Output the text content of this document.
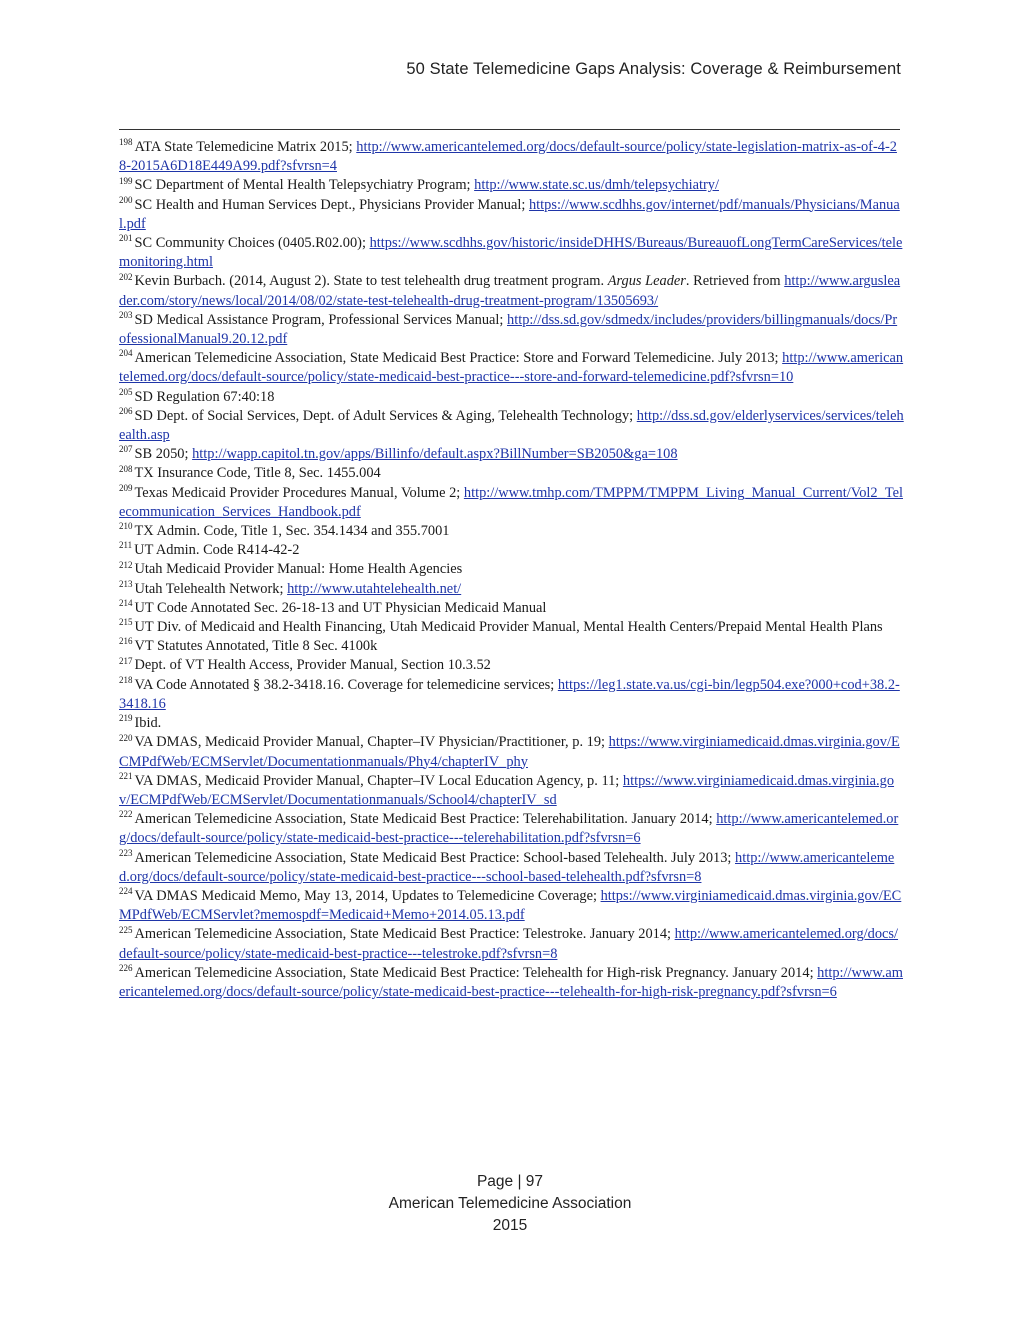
50 State Telemedicine Gaps Analysis: Coverage & Reimbursement

$^{198}$ ATA State Telemedicine Matrix 2015; http://www.americantelemed.org/docs/default-source/policy/state-legislation-matrix-as-of-4-28-2015A6D18E449A99.pdf?sfvrsn=4

$^{199}$ SC Department of Mental Health Telepsychiatry Program; http://www.state.sc.us/dmh/telepsychiatry/

$^{200}$ SC Health and Human Services Dept., Physicians Provider Manual; https://www.scdhhs.gov/internet/pdf/manuals/Physicians/Manual.pdf

$^{201}$ SC Community Choices (0405.R02.00); https://www.scdhhs.gov/historic/insideDHHS/Bureaus/BureauofLongTermCareServices/telemonitoring.html

$^{202}$ Kevin Burbach. (2014, August 2). State to test telehealth drug treatment program. Argus Leader. Retrieved from http://www.argusleader.com/story/news/local/2014/08/02/state-test-telehealth-drug-treatment-program/13505693/

$^{203}$ SD Medical Assistance Program, Professional Services Manual; http://dss.sd.gov/sdmedx/includes/providers/billingmanuals/docs/ProfessionalManual9.20.12.pdf

$^{204}$ American Telemedicine Association, State Medicaid Best Practice: Store and Forward Telemedicine. July 2013; http://www.americantelemed.org/docs/default-source/policy/state-medicaid-best-practice---store-and-forward-telemedicine.pdf?sfvrsn=10

$^{205}$ SD Regulation 67:40:18

$^{206}$ SD Dept. of Social Services, Dept. of Adult Services & Aging, Telehealth Technology; http://dss.sd.gov/elderlyservices/services/telehealth.asp

$^{207}$ SB 2050; http://wapp.capitol.tn.gov/apps/Billinfo/default.aspx?BillNumber=SB2050&ga=108

$^{208}$ TX Insurance Code, Title 8, Sec. 1455.004

$^{209}$ Texas Medicaid Provider Procedures Manual, Volume 2; http://www.tmhp.com/TMPPM/TMPPM_Living_Manual_Current/Vol2_Telecommunication_Services_Handbook.pdf

$^{210}$ TX Admin. Code, Title 1, Sec. 354.1434 and 355.7001

$^{211}$ UT Admin. Code R414-42-2

$^{212}$ Utah Medicaid Provider Manual: Home Health Agencies

$^{213}$ Utah Telehealth Network; http://www.utahtelehealth.net/

$^{214}$ UT Code Annotated Sec. 26-18-13 and UT Physician Medicaid Manual

$^{215}$ UT Div. of Medicaid and Health Financing, Utah Medicaid Provider Manual, Mental Health Centers/Prepaid Mental Health Plans

$^{216}$ VT Statutes Annotated, Title 8 Sec. 4100k

$^{217}$ Dept. of VT Health Access, Provider Manual, Section 10.3.52

$^{218}$ VA Code Annotated § 38.2-3418.16. Coverage for telemedicine services; https://leg1.state.va.us/cgi-bin/legp504.exe?000+cod+38.2-3418.16

$^{219}$ Ibid.

$^{220}$ VA DMAS, Medicaid Provider Manual, Chapter–IV Physician/Practitioner, p. 19; https://www.virginiamedicaid.dmas.virginia.gov/ECMPdfWeb/ECMServlet/Documentationmanuals/Phy4/chapterIV_phy

$^{221}$ VA DMAS, Medicaid Provider Manual, Chapter–IV Local Education Agency, p. 11; https://www.virginiamedicaid.dmas.virginia.gov/ECMPdfWeb/ECMServlet/Documentationmanuals/School4/chapterIV_sd

$^{222}$ American Telemedicine Association, State Medicaid Best Practice: Telerehabilitation. January 2014; http://www.americantelemed.org/docs/default-source/policy/state-medicaid-best-practice---telerehabilitation.pdf?sfvrsn=6

$^{223}$ American Telemedicine Association, State Medicaid Best Practice: School-based Telehealth. July 2013; http://www.americantelemed.org/docs/default-source/policy/state-medicaid-best-practice---school-based-telehealth.pdf?sfvrsn=8

$^{224}$ VA DMAS Medicaid Memo, May 13, 2014, Updates to Telemedicine Coverage; https://www.virginiamedicaid.dmas.virginia.gov/ECMPdfWeb/ECMServlet?memospdf=Medicaid+Memo+2014.05.13.pdf

$^{225}$ American Telemedicine Association, State Medicaid Best Practice: Telestroke. January 2014; http://www.americantelemed.org/docs/default-source/policy/state-medicaid-best-practice---telestroke.pdf?sfvrsn=8

$^{226}$ American Telemedicine Association, State Medicaid Best Practice: Telehealth for High-risk Pregnancy. January 2014; http://www.americantelemed.org/docs/default-source/policy/state-medicaid-best-practice---telehealth-for-high-risk-pregnancy.pdf?sfvrsn=6

Page | 97
American Telemedicine Association
2015
